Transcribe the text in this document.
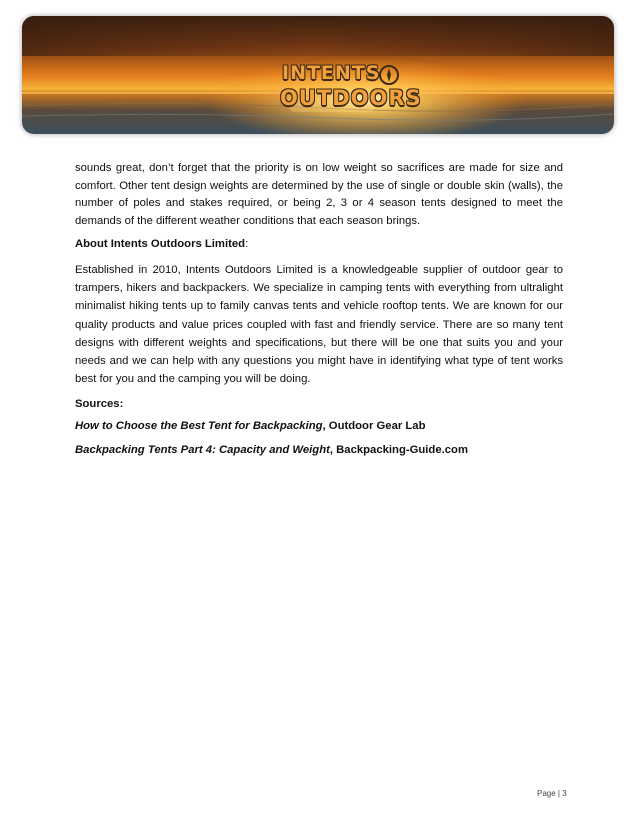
INTENTS
OUTDOORS

sounds great, don’t forget that the priority is on low weight so sacrifices are made for size and comfort. Other tent design weights are determined by the use of single or double skin (walls), the number of poles and stakes required, or being 2, 3 or 4 season tents designed to meet the demands of the different weather conditions that each season brings.

About Intents Outdoors Limited:

Established in 2010, Intents Outdoors Limited is a knowledgeable supplier of outdoor gear to trampers, hikers and backpackers. We specialize in camping tents with everything from ultralight minimalist hiking tents up to family canvas tents and vehicle rooftop tents. We are known for our quality products and value prices coupled with fast and friendly service. There are so many tent designs with different weights and specifications, but there will be one that suits you and your needs and we can help with any questions you might have in identifying what type of tent works best for you and the camping you will be doing.

Sources:

How to Choose the Best Tent for Backpacking, Outdoor Gear Lab

Backpacking Tents Part 4: Capacity and Weight, Backpacking-Guide.com

Page | 3
